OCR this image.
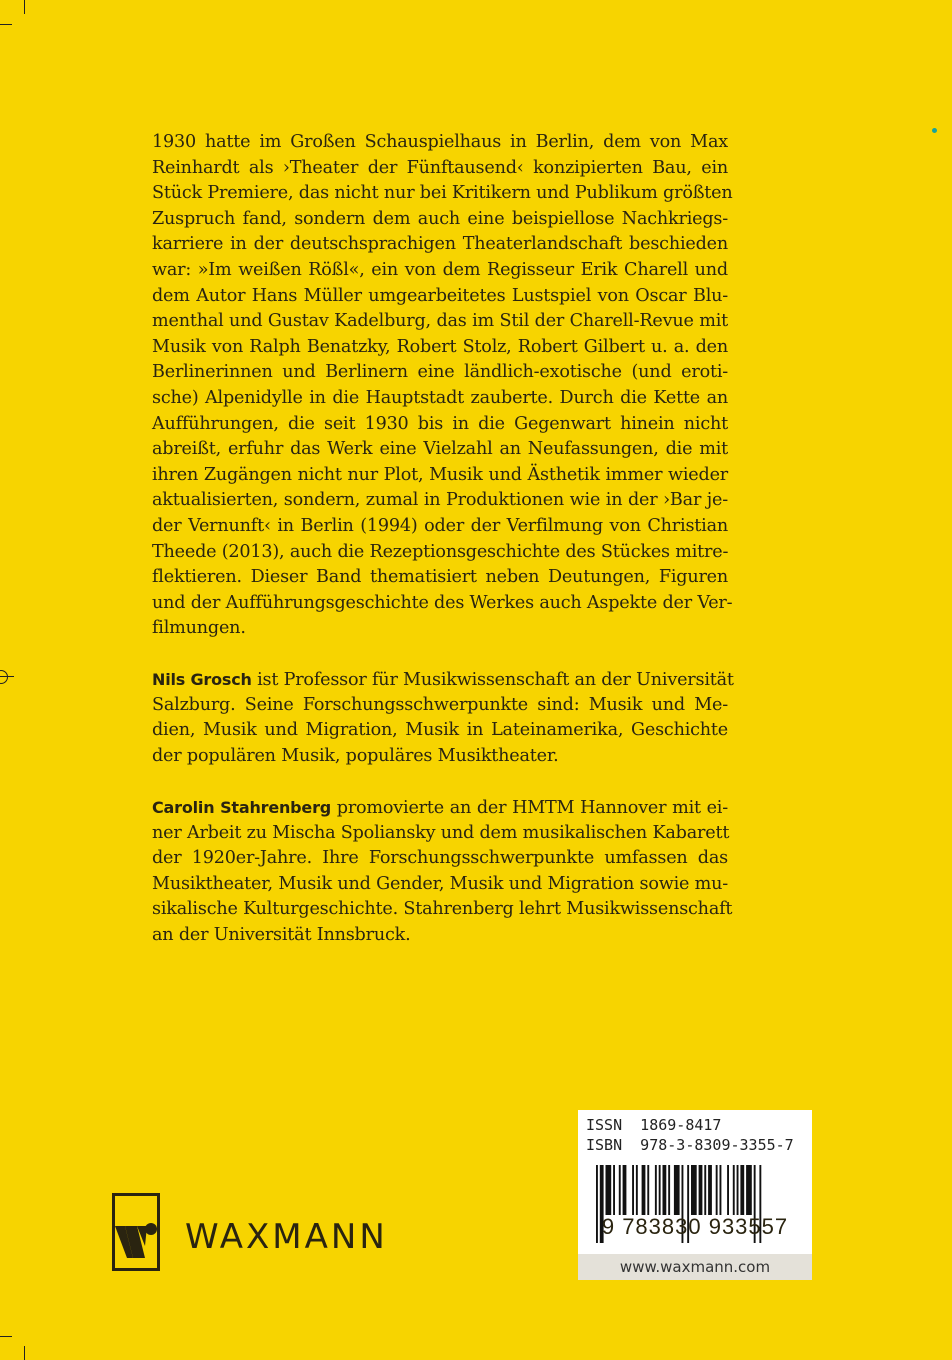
1930 hatte im Großen Schauspielhaus in Berlin, dem von Max
Reinhardt als ›Theater der Fünftausend‹ konzipierten Bau, ein
Stück Premiere, das nicht nur bei Kritikern und Publikum größten
Zuspruch fand, sondern dem auch eine beispiellose Nachkriegs-
karriere in der deutschsprachigen Theaterlandschaft beschieden
war: »Im weißen Rößl«, ein von dem Regisseur Erik Charell und
dem Autor Hans Müller umgearbeitetes Lustspiel von Oscar Blu-
menthal und Gustav Kadelburg, das im Stil der Charell-Revue mit
Musik von Ralph Benatzky, Robert Stolz, Robert Gilbert u. a. den
Berlinerinnen und Berlinern eine ländlich-exotische (und eroti-
sche) Alpenidylle in die Hauptstadt zauberte. Durch die Kette an
Aufführungen, die seit 1930 bis in die Gegenwart hinein nicht
abreißt, erfuhr das Werk eine Vielzahl an Neufassungen, die mit
ihren Zugängen nicht nur Plot, Musik und Ästhetik immer wieder
aktualisierten, sondern, zumal in Produktionen wie in der ›Bar je-
der Vernunft‹ in Berlin (1994) oder der Verfilmung von Christian
Theede (2013), auch die Rezeptionsgeschichte des Stückes mitre-
flektieren. Dieser Band thematisiert neben Deutungen, Figuren
und der Aufführungsgeschichte des Werkes auch Aspekte der Ver-
filmungen.
Nils Grosch ist Professor für Musikwissenschaft an der Universität
Salzburg. Seine Forschungsschwerpunkte sind: Musik und Me-
dien, Musik und Migration, Musik in Lateinamerika, Geschichte
der populären Musik, populäres Musiktheater.
Carolin Stahrenberg promovierte an der HMTM Hannover mit ei-
ner Arbeit zu Mischa Spoliansky und dem musikalischen Kabarett
der 1920er-Jahre. Ihre Forschungsschwerpunkte umfassen das
Musiktheater, Musik und Gender, Musik und Migration sowie mu-
sikalische Kulturgeschichte. Stahrenberg lehrt Musikwissenschaft
an der Universität Innsbruck.
ISSN  1869-8417
ISBN  978-3-8309-3355-7
9 783830 933557
www.waxmann.com
WAXMANN
